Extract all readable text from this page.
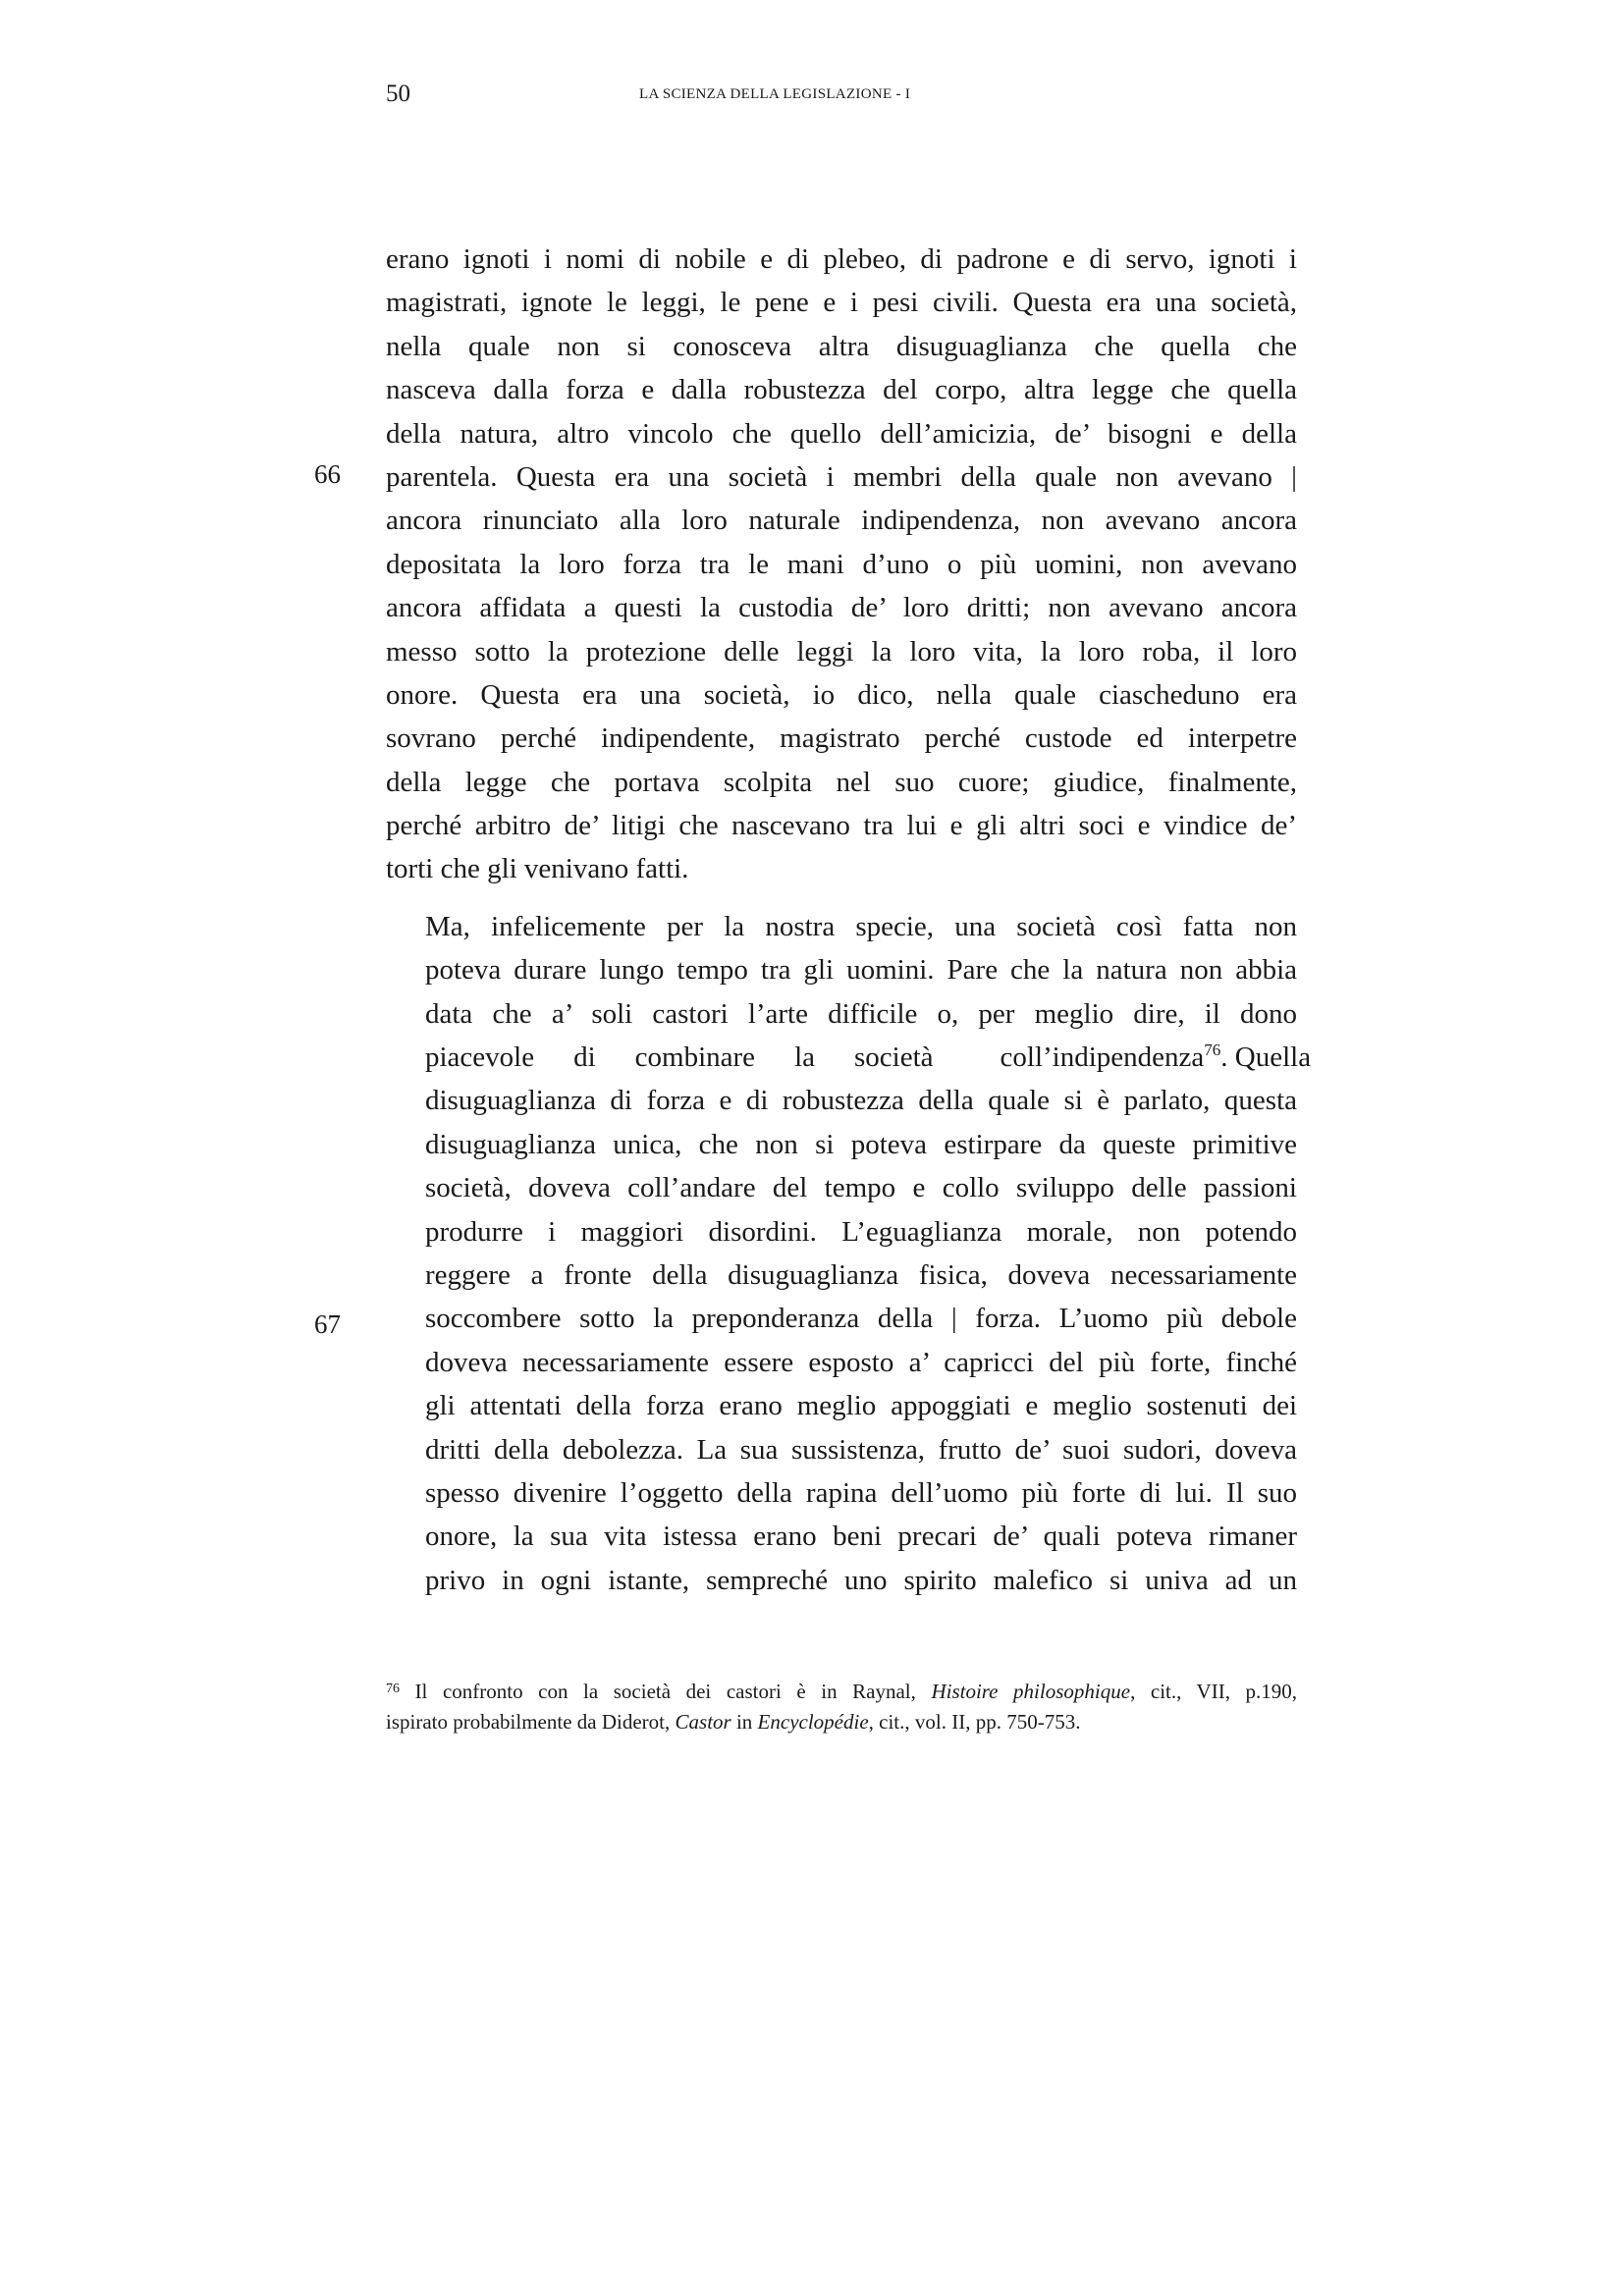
50	LA SCIENZA DELLA LEGISLAZIONE - I
66
67

erano ignoti i nomi di nobile e di plebeo, di padrone e di servo, ignoti i
magistrati, ignote le leggi, le pene e i pesi civili. Questa era una società,
nella quale non si conosceva altra disuguaglianza che quella che
nasceva dalla forza e dalla robustezza del corpo, altra legge che quella
della natura, altro vincolo che quello dell’amicizia, de’ bisogni e della
parentela. Questa era una società i membri della quale non avevano |
ancora rinunciato alla loro naturale indipendenza, non avevano ancora
depositata la loro forza tra le mani d’uno o più uomini, non avevano
ancora affidata a questi la custodia de’ loro dritti; non avevano ancora
messo sotto la protezione delle leggi la loro vita, la loro roba, il loro
onore. Questa era una società, io dico, nella quale ciascheduno era
sovrano perché indipendente, magistrato perché custode ed interpetre
della legge che portava scolpita nel suo cuore; giudice, finalmente,
perché arbitro de’ litigi che nascevano tra lui e gli altri soci e vindice de’
torti che gli venivano fatti.

Ma, infelicemente per la nostra specie, una società così fatta non
poteva durare lungo tempo tra gli uomini. Pare che la natura non abbia
data che a’ soli castori l’arte difficile o, per meglio dire, il dono
piacevole	di	combinare	la	società	coll’indipendenza$^{76}$. Quella
disuguaglianza di forza e di robustezza della quale si è parlato, questa
disuguaglianza unica, che non si poteva estirpare da queste primitive
società, doveva coll’andare del tempo e collo sviluppo delle passioni
produrre i maggiori disordini. L’eguaglianza morale, non potendo
reggere a fronte della disuguaglianza fisica, doveva necessariamente
soccombere sotto la preponderanza della | forza. L’uomo più debole
doveva necessariamente essere esposto a’ capricci del più forte, finché
gli attentati della forza erano meglio appoggiati e meglio sostenuti dei
dritti della debolezza. La sua sussistenza, frutto de’ suoi sudori, doveva
spesso divenire l’oggetto della rapina dell’uomo più forte di lui. Il suo
onore, la sua vita istessa erano beni precari de’ quali poteva rimaner
privo in ogni istante, sempreché uno spirito malefico si univa ad un

$^{76}$ Il confronto con la società dei castori è in Raynal, Histoire philosophique, cit., VII, p.190,
ispirato probabilmente da Diderot, Castor in Encyclopédie, cit., vol. II, pp. 750-753.
